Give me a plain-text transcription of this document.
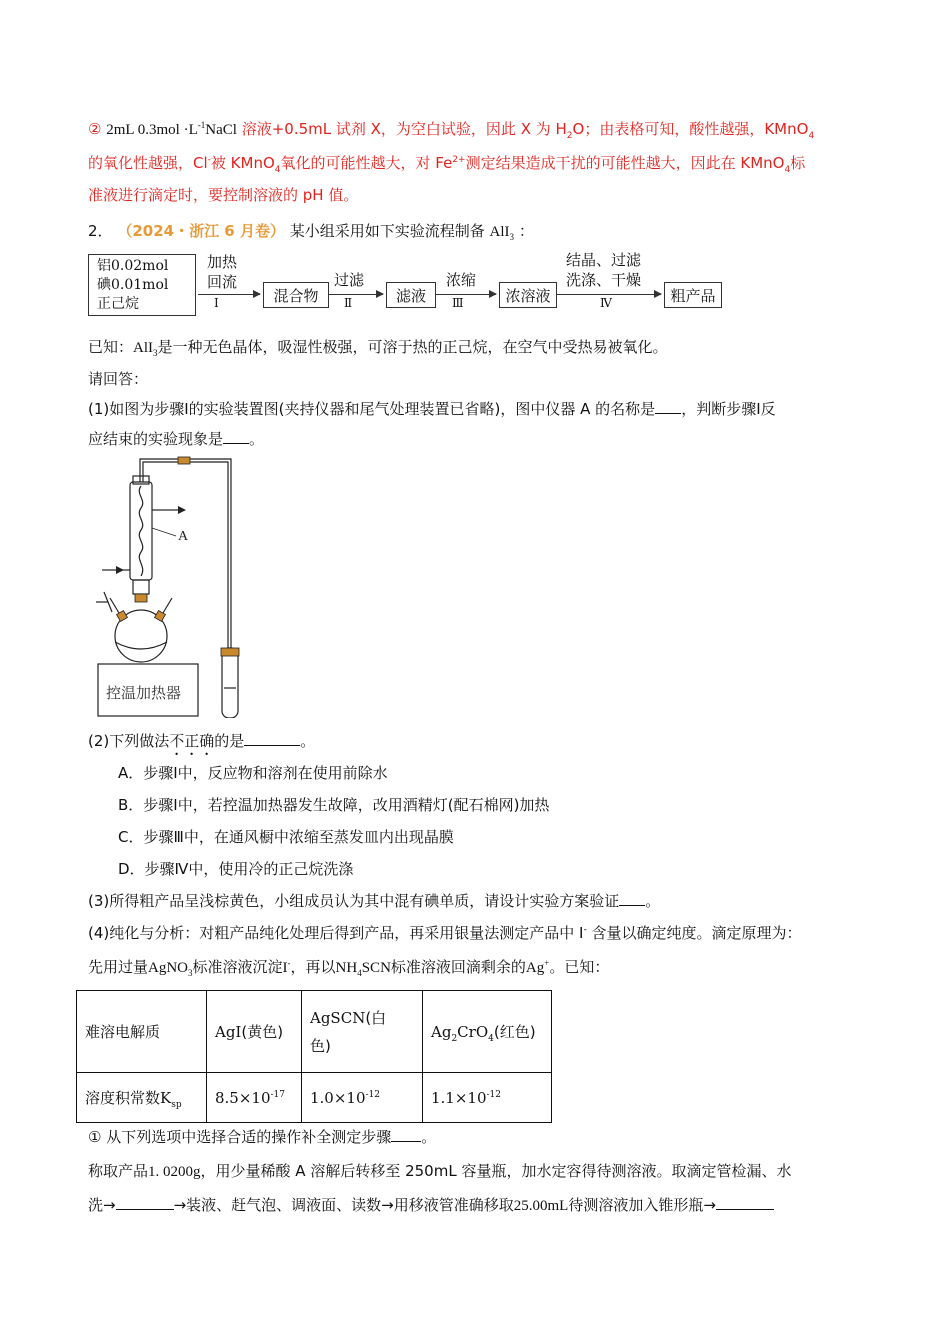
② 2mL $0.3mol \cdot L^{-1}NaCl$ 溶液+0.5mL 试剂 X，为空白试验，因此 X 为 $H_2O$；由表格可知，酸性越强，KMnO$_4$
的氧化性越强，Cl-被 KMnO$_4$氧化的可能性越大，对 $Fe^{2+}$测定结果造成干扰的可能性越大，因此在 KMnO$_4$标
准液进行滴定时，要控制溶液的 pH 值。
2． （2024・浙江 6 月卷） 某小组采用如下实验流程制备 AlI$_3$ ：
铝0.02mol
碘0.01mol
正己烷
加热
回流
Ⅰ	混合物
过滤
Ⅱ	滤液
浓缩
Ⅲ	浓溶液
结晶、过滤
洗涤、干燥
Ⅳ	粗产品
已知：AlI$_3$是一种无色晶体，吸湿性极强，可溶于热的正己烷，在空气中受热易被氧化。
请回答：
(1)如图为步骤Ⅰ的实验装置图(夹持仪器和尾气处理装置已省略)，图中仪器 A 的名称是 ，判断步骤Ⅰ反
应结束的实验现象是 。
A
控温加热器
(2)下列做法不正确的是	。
A．步骤Ⅰ中，反应物和溶剂在使用前除水
B．步骤Ⅰ中，若控温加热器发生故障，改用酒精灯(配石棉网)加热
C．步骤Ⅲ中，在通风橱中浓缩至蒸发皿内出现晶膜
D．步骤Ⅳ中，使用冷的正己烷洗涤
(3)所得粗产品呈浅棕黄色，小组成员认为其中混有碘单质，请设计实验方案验证 。
(4)纯化与分析：对粗产品纯化处理后得到产品，再采用银量法测定产品中 I- 含量以确定纯度。滴定原理为：
先用过量AgNO$_3$标准溶液沉淀I-，再以$NH_4SCN$标准溶液回滴剩余的Ag+。已知：
难溶电解质	AgI(黄色)	AgSCN(白
色)	$Ag_2CrO_4$(红色)
溶度积常数$K_{sp}$	$8.5\times 10^{-17}$	$1.0\times 10^{-12}$	$1.1\times 10^{-12}$
① 从下列选项中选择合适的操作补全测定步骤 。
称取产品1. 0200g，用少量稀酸 A 溶解后转移至 250mL 容量瓶，加水定容得待测溶液。取滴定管检漏、水
洗→	→装液、赶气泡、调液面、读数→用移液管准确移取25.00mL待测溶液加入锥形瓶→
